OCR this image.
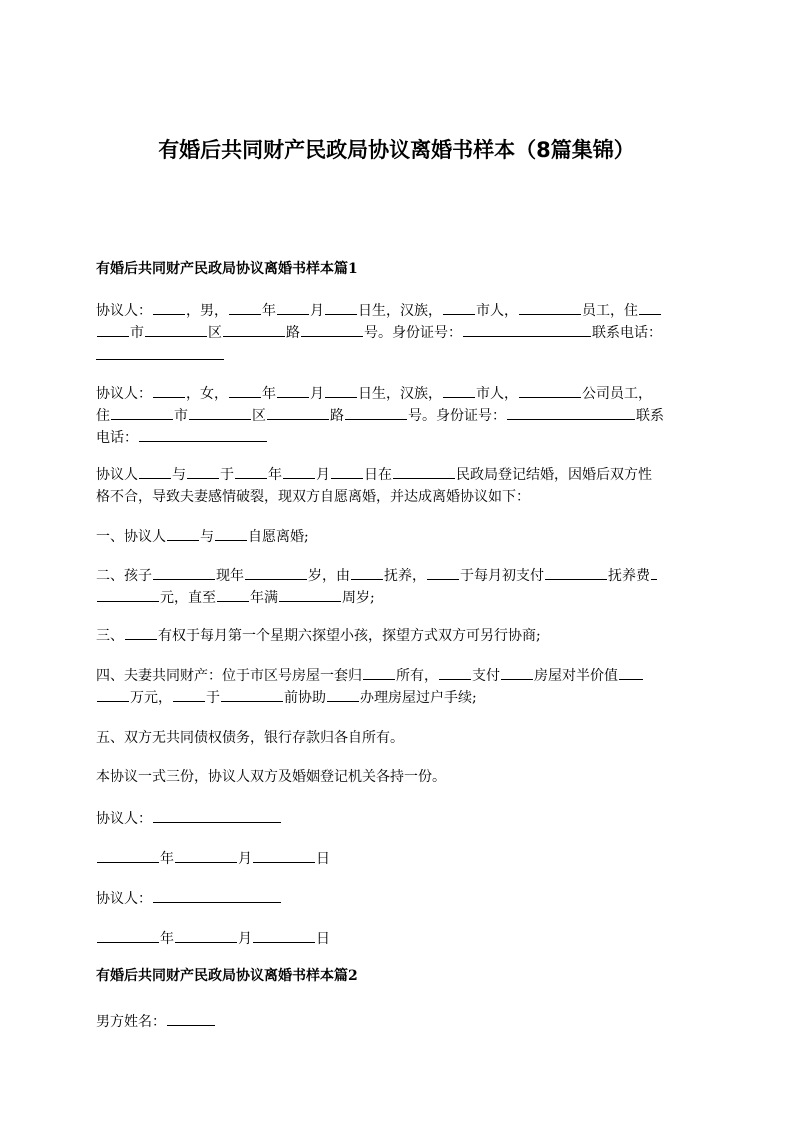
有婚后共同财产民政局协议离婚书样本（8篇集锦）
有婚后共同财产民政局协议离婚书样本篇1
协议人： ，男， 年 月 日生，汉族， 市人，	员工，住
市	区	路	号。身份证号：	联系电话：
协议人： ，女， 年 月 日生，汉族， 市人，	公司员工，
住	市	区	路	号。身份证号：	联系
电话：
协议人 与 于 年 月 日在	民政局登记结婚，因婚后双方性
格不合，导致夫妻感情破裂，现双方自愿离婚，并达成离婚协议如下：
一、协议人 与 自愿离婚;
二、孩子	现年	岁，由 抚养， 于每月初支付	抚养费
元，直至 年满	周岁;
三、 有权于每月第一个星期六探望小孩，探望方式双方可另行协商;
四、夫妻共同财产：位于市区号房屋一套归 所有， 支付 房屋对半价值
万元， 于	前协助 办理房屋过户手续;
五、双方无共同债权债务，银行存款归各自所有。
本协议一式三份，协议人双方及婚姻登记机关各持一份。
协议人：
年	月	日
协议人：
年	月	日
有婚后共同财产民政局协议离婚书样本篇2
男方姓名：
